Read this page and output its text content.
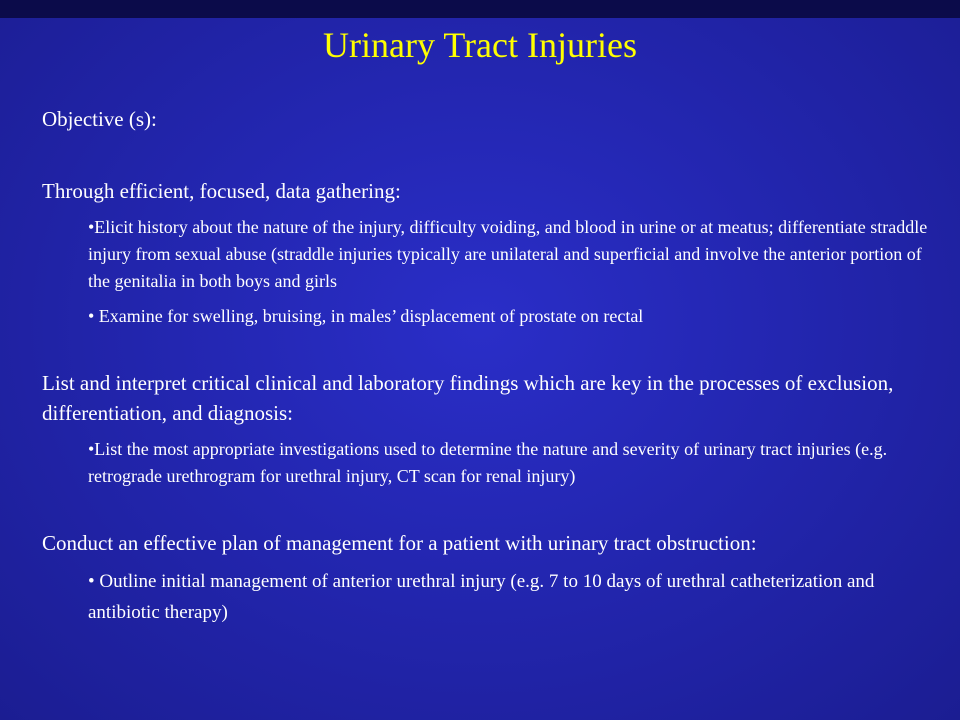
Urinary Tract Injuries

Objective (s):

Through efficient, focused, data gathering:

•Elicit history about the nature of the injury, difficulty voiding, and blood in urine or at meatus; differentiate straddle injury from sexual abuse (straddle injuries typically are unilateral and superficial and involve the anterior portion of the genitalia in both boys and girls
• Examine for swelling, bruising, in males’ displacement of prostate on rectal

List and interpret critical clinical and laboratory findings which are key in the processes of exclusion, differentiation, and diagnosis:

•List the most appropriate investigations used to determine the nature and severity of urinary tract injuries (e.g. retrograde urethrogram for urethral injury, CT scan for renal injury)

Conduct an effective plan of management for a patient with urinary tract obstruction:

• Outline initial management of anterior urethral injury (e.g. 7 to 10 days of urethral catheterization and antibiotic therapy)
